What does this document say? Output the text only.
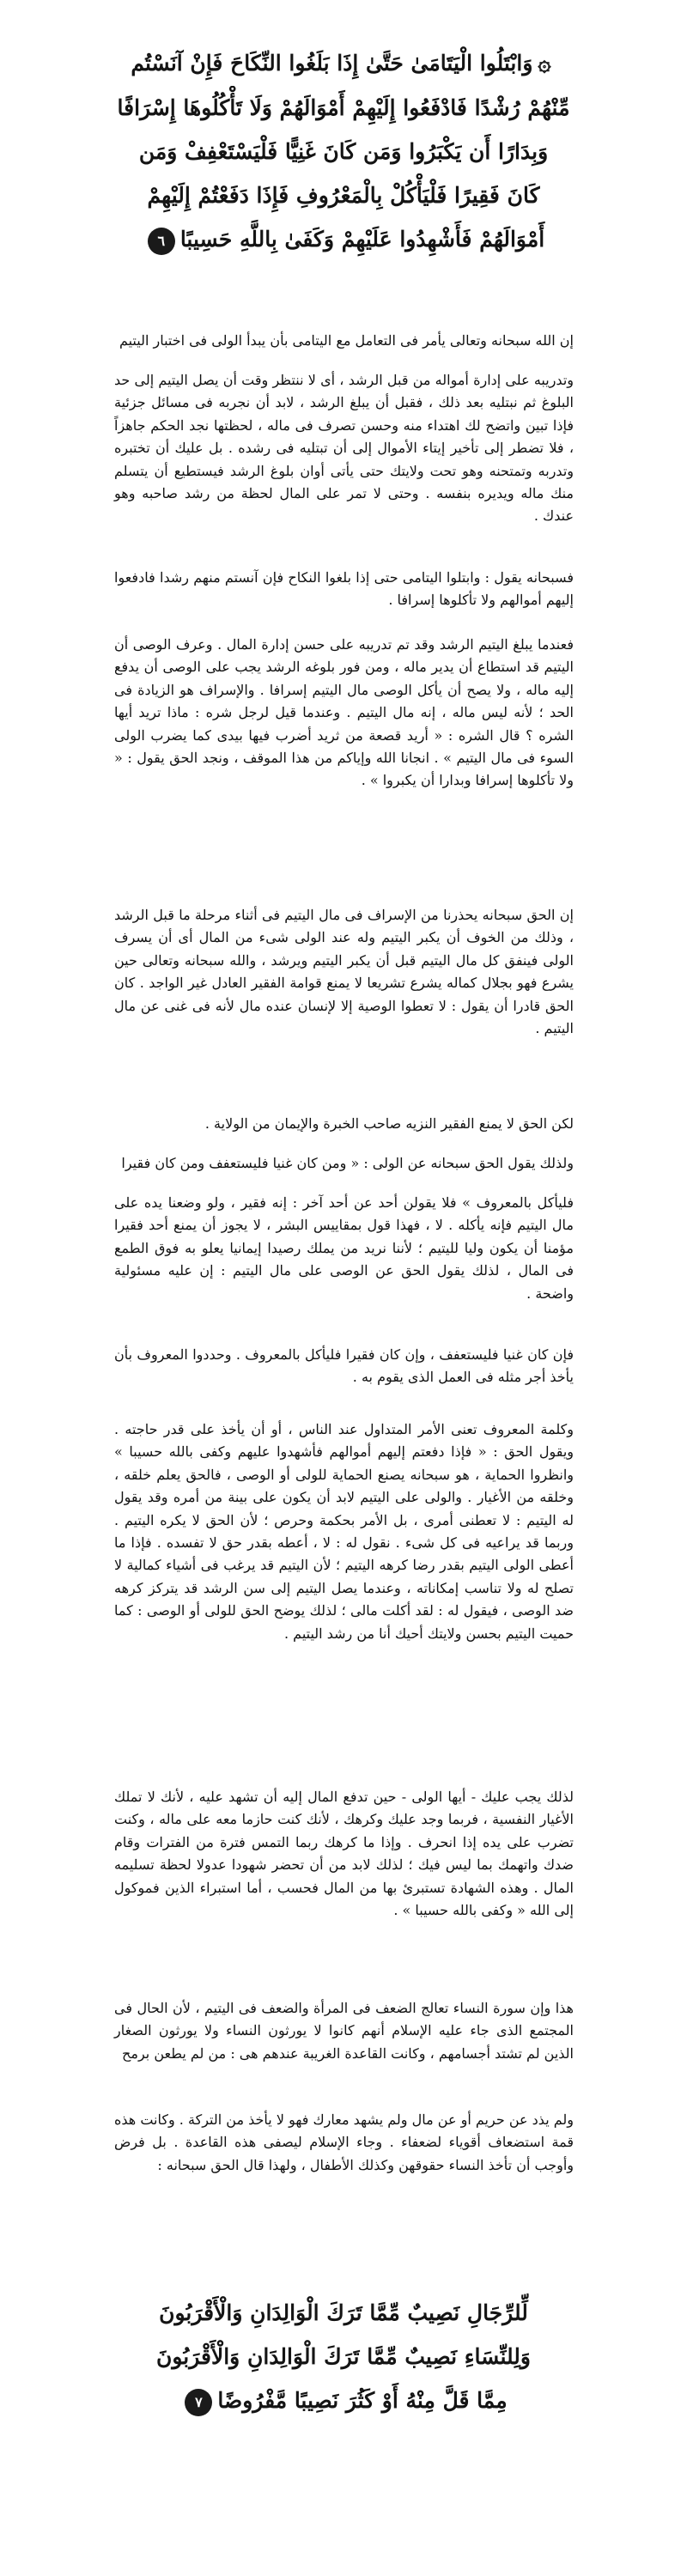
۞وَابْتَلُوا الْيَتَامَىٰ حَتَّىٰ إِذَا بَلَغُوا النِّكَاحَ فَإِنْ آنَسْتُم
مِّنْهُمْ رُشْدًا فَادْفَعُوا إِلَيْهِمْ أَمْوَالَهُمْ وَلَا تَأْكُلُوهَا إِسْرَافًا
وَبِدَارًا أَن يَكْبَرُوا وَمَن كَانَ غَنِيًّا فَلْيَسْتَعْفِفْ وَمَن
كَانَ فَقِيرًا فَلْيَأْكُلْ بِالْمَعْرُوفِ فَإِذَا دَفَعْتُمْ إِلَيْهِمْ
أَمْوَالَهُمْ فَأَشْهِدُوا عَلَيْهِمْ وَكَفَىٰ بِاللَّهِ حَسِيبًا٦

إن الله سبحانه وتعالى يأمر فى التعامل مع اليتامى بأن يبدأ الولى فى اختبار اليتيم

وتدريبه على إدارة أمواله من قبل الرشد ، أى لا ننتظر وقت أن يصل اليتيم إلى حد البلوغ ثم نبتليه بعد ذلك ، فقبل أن يبلغ الرشد ، لابد أن نجربه فى مسائل جزئية فإذا تبين واتضح لك اهتداء منه وحسن تصرف فى ماله ، لحظتها نجد الحكم جاهزاً ، فلا تضطر إلى تأخير إيتاء الأموال إلى أن تبتليه فى رشده . بل عليك أن تختبره وتدربه وتمتحنه وهو تحت ولايتك حتى يأتى أوان بلوغ الرشد فيستطيع أن يتسلم منك ماله ويديره بنفسه . وحتى لا تمر على المال لحظة من رشد صاحبه وهو عندك .

فسبحانه يقول : وابتلوا اليتامى حتى إذا بلغوا النكاح فإن آنستم منهم رشدا فادفعوا إليهم أموالهم ولا تأكلوها إسرافا .

فعندما يبلغ اليتيم الرشد وقد تم تدريبه على حسن إدارة المال . وعرف الوصى أن اليتيم قد استطاع أن يدير ماله ، ومن فور بلوغه الرشد يجب على الوصى أن يدفع إليه ماله ، ولا يصح أن يأكل الوصى مال اليتيم إسرافا . والإسراف هو الزيادة فى الحد ؛ لأنه ليس ماله ، إنه مال اليتيم . وعندما قيل لرجل شره : ماذا تريد أيها الشره ؟ قال الشره : « أريد قصعة من ثريد أضرب فيها بيدى كما يضرب الولى السوء فى مال اليتيم » . انجانا الله وإياكم من هذا الموقف ، ونجد الحق يقول : « ولا تأكلوها إسرافا وبدارا أن يكبروا » .

إن الحق سبحانه يحذرنا من الإسراف فى مال اليتيم فى أثناء مرحلة ما قبل الرشد ، وذلك من الخوف أن يكبر اليتيم وله عند الولى شىء من المال أى أن يسرف الولى فينفق كل مال اليتيم قبل أن يكبر اليتيم ويرشد ، والله سبحانه وتعالى حين يشرع فهو بجلال كماله يشرع تشريعا لا يمنع قوامة الفقير العادل غير الواجد . كان الحق قادرا أن يقول : لا تعطوا الوصية إلا لإنسان عنده مال لأنه فى غنى عن مال اليتيم .

لكن الحق لا يمنع الفقير النزيه صاحب الخبرة والإيمان من الولاية .

ولذلك يقول الحق سبحانه عن الولى : « ومن كان غنيا فليستعفف ومن كان فقيرا

فليأكل بالمعروف » فلا يقولن أحد عن أحد آخر : إنه فقير ، ولو وضعنا يده على مال اليتيم فإنه يأكله . لا ، فهذا قول بمقاييس البشر ، لا يجوز أن يمنع أحد فقيرا مؤمنا أن يكون وليا لليتيم ؛ لأننا نريد من يملك رصيدا إيمانيا يعلو به فوق الطمع فى المال ، لذلك يقول الحق عن الوصى على مال اليتيم : إن عليه مسئولية واضحة .

فإن كان غنيا فليستعفف ، وإن كان فقيرا فليأكل بالمعروف . وحددوا المعروف بأن يأخذ أجر مثله فى العمل الذى يقوم به .

وكلمة المعروف تعنى الأمر المتداول عند الناس ، أو أن يأخذ على قدر حاجته . ويقول الحق : « فإذا دفعتم إليهم أموالهم فأشهدوا عليهم وكفى بالله حسيبا » وانظروا الحماية ، هو سبحانه يصنع الحماية للولى أو الوصى ، فالحق يعلم خلقه ، وخلقه من الأغيار . والولى على اليتيم لابد أن يكون على بينة من أمره وقد يقول له اليتيم : لا تعطنى أمرى ، بل الأمر بحكمة وحرص ؛ لأن الحق لا يكره اليتيم . وربما قد يراعيه فى كل شىء . نقول له : لا ، أعطه بقدر حق لا تفسده . فإذا ما أعطى الولى اليتيم بقدر رضا كرهه اليتيم ؛ لأن اليتيم قد يرغب فى أشياء كمالية لا تصلح له ولا تناسب إمكاناته ، وعندما يصل اليتيم إلى سن الرشد قد يتركز كرهه ضد الوصى ، فيقول له : لقد أكلت مالى ؛ لذلك يوضح الحق للولى أو الوصى : كما حميت اليتيم بحسن ولايتك أحيك أنا من رشد اليتيم .

لذلك يجب عليك - أيها الولى - حين تدفع المال إليه أن تشهد عليه ، لأنك لا تملك الأغيار النفسية ، فربما وجد عليك وكرهك ، لأنك كنت حازما معه على ماله ، وكنت تضرب على يده إذا انحرف . وإذا ما كرهك ربما التمس فترة من الفترات وقام ضدك واتهمك بما ليس فيك ؛ لذلك لابد من أن تحضر شهودا عدولا لحظة تسليمه المال . وهذه الشهادة تستبرئ بها من المال فحسب ، أما استبراء الذين فموكول إلى الله « وكفى بالله حسيبا » .

هذا وإن سورة النساء تعالج الضعف فى المرأة والضعف فى اليتيم ، لأن الحال فى المجتمع الذى جاء عليه الإسلام أنهم كانوا لا يورثون النساء ولا يورثون الصغار الذين لم تشتد أجسامهم ، وكانت القاعدة الغريبة عندهم هى : من لم يطعن برمح

ولم يذد عن حريم أو عن مال ولم يشهد معارك فهو لا يأخذ من التركة . وكانت هذه قمة استضعاف أقوياء لضعفاء . وجاء الإسلام ليصفى هذه القاعدة . بل فرض وأوجب أن تأخذ النساء حقوقهن وكذلك الأطفال ، ولهذا قال الحق سبحانه :

لِّلرِّجَالِ نَصِيبٌ مِّمَّا تَرَكَ الْوَالِدَانِ وَالْأَقْرَبُونَ
وَلِلنِّسَاءِ نَصِيبٌ مِّمَّا تَرَكَ الْوَالِدَانِ وَالْأَقْرَبُونَ
مِمَّا قَلَّ مِنْهُ أَوْ كَثُرَ نَصِيبًا مَّفْرُوضًا٧
